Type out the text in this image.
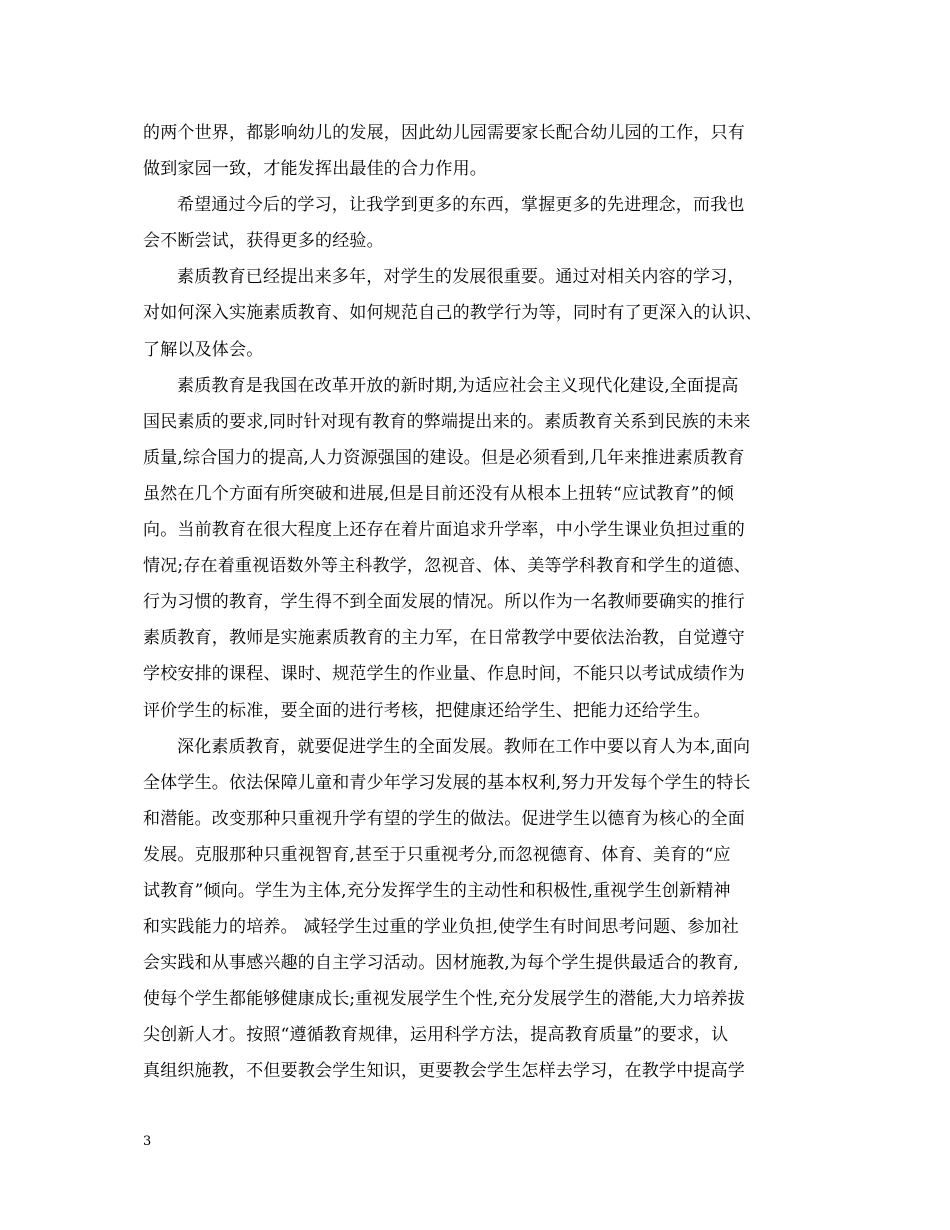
的两个世界，都影响幼儿的发展，因此幼儿园需要家长配合幼儿园的工作，只有
做到家园一致，才能发挥出最佳的合力作用。
希望通过今后的学习，让我学到更多的东西，掌握更多的先进理念，而我也
会不断尝试，获得更多的经验。
素质教育已经提出来多年，对学生的发展很重要。通过对相关内容的学习，
对如何深入实施素质教育、如何规范自己的教学行为等，同时有了更深入的认识、
了解以及体会。
素质教育是我国在改革开放的新时期,为适应社会主义现代化建设,全面提高
国民素质的要求,同时针对现有教育的弊端提出来的。素质教育关系到民族的未来
质量,综合国力的提高,人力资源强国的建设。但是必须看到,几年来推进素质教育
虽然在几个方面有所突破和进展,但是目前还没有从根本上扭转“应试教育”的倾
向。当前教育在很大程度上还存在着片面追求升学率，中小学生课业负担过重的
情况;存在着重视语数外等主科教学，忽视音、体、美等学科教育和学生的道德、
行为习惯的教育，学生得不到全面发展的情况。所以作为一名教师要确实的推行
素质教育，教师是实施素质教育的主力军，在日常教学中要依法治教，自觉遵守
学校安排的课程、课时、规范学生的作业量、作息时间，不能只以考试成绩作为
评价学生的标准，要全面的进行考核，把健康还给学生、把能力还给学生。
深化素质教育，就要促进学生的全面发展。教师在工作中要以育人为本,面向
全体学生。依法保障儿童和青少年学习发展的基本权利,努力开发每个学生的特长
和潜能。改变那种只重视升学有望的学生的做法。促进学生以德育为核心的全面
发展。克服那种只重视智育,甚至于只重视考分,而忽视德育、体育、美育的“应
试教育”倾向。学生为主体,充分发挥学生的主动性和积极性,重视学生创新精神
和实践能力的培养。 减轻学生过重的学业负担,使学生有时间思考问题、参加社
会实践和从事感兴趣的自主学习活动。因材施教,为每个学生提供最适合的教育,
使每个学生都能够健康成长;重视发展学生个性,充分发展学生的潜能,大力培养拔
尖创新人才。按照“遵循教育规律，运用科学方法，提高教育质量”的要求，认
真组织施教，不但要教会学生知识，更要教会学生怎样去学习，在教学中提高学
3
